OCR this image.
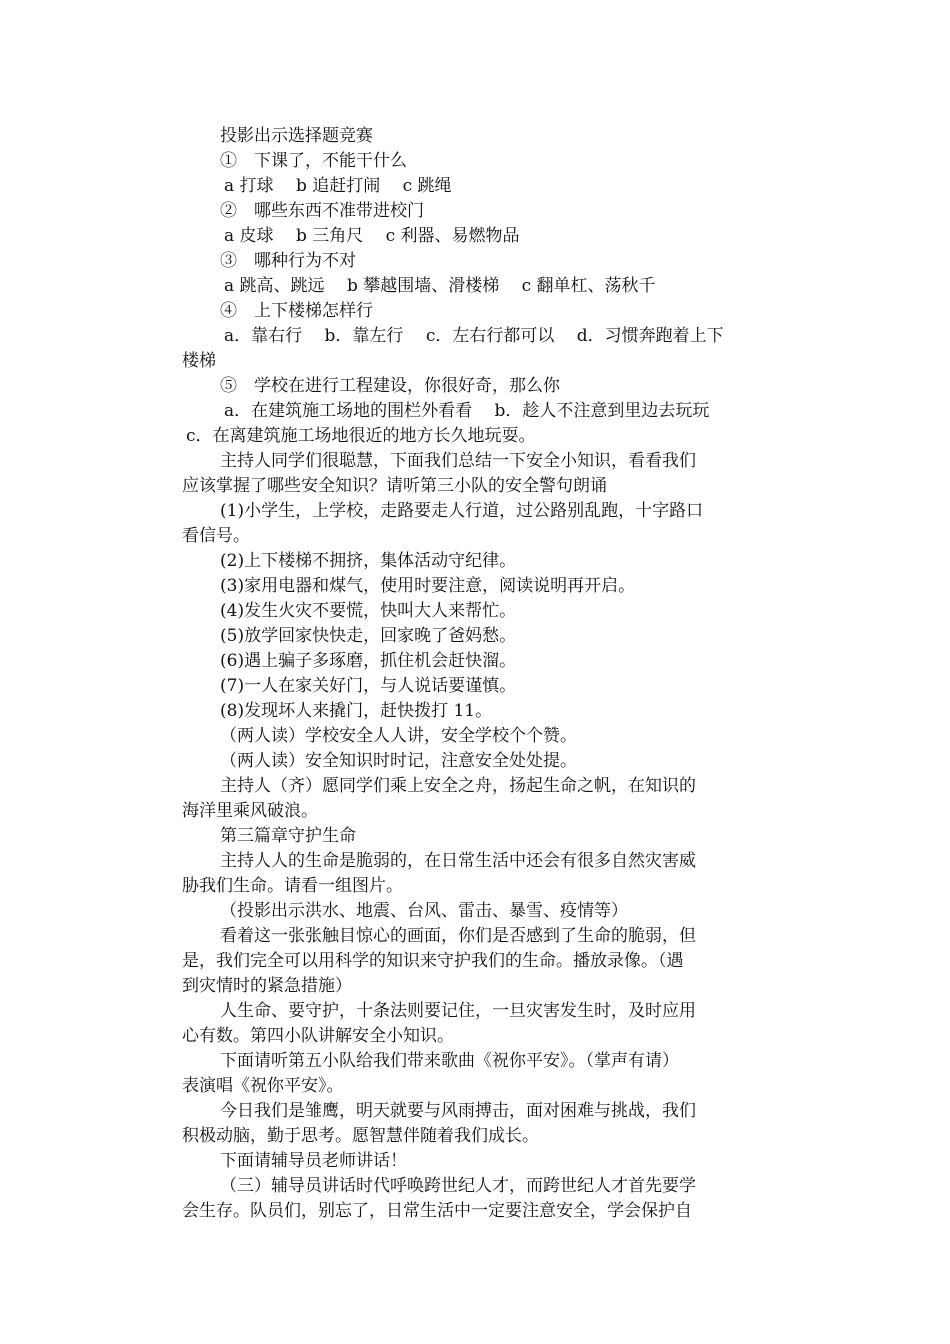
投影出示选择题竞赛
①　下课了，不能干什么
a 打球　 b 追赶打闹　 c 跳绳
②　哪些东西不准带进校门
a 皮球　 b 三角尺　 c 利器、易燃物品
③　哪种行为不对
a 跳高、跳远　 b 攀越围墙、滑楼梯　 c 翻单杠、荡秋千
④　上下楼梯怎样行
a．靠右行　 b．靠左行　 c．左右行都可以　 d．习惯奔跑着上下
楼梯
⑤　学校在进行工程建设，你很好奇，那么你
a．在建筑施工场地的围栏外看看　 b．趁人不注意到里边去玩玩
c．在离建筑施工场地很近的地方长久地玩耍。
主持人同学们很聪慧，下面我们总结一下安全小知识，看看我们
应该掌握了哪些安全知识？请听第三小队的安全警句朗诵
(1)小学生，上学校，走路要走人行道，过公路别乱跑，十字路口
看信号。
(2)上下楼梯不拥挤，集体活动守纪律。
(3)家用电器和煤气，使用时要注意，阅读说明再开启。
(4)发生火灾不要慌，快叫大人来帮忙。
(5)放学回家快快走，回家晚了爸妈愁。
(6)遇上骗子多琢磨，抓住机会赶快溜。
(7)一人在家关好门，与人说话要谨慎。
(8)发现坏人来撬门，赶快拨打 11。
（两人读）学校安全人人讲，安全学校个个赞。
（两人读）安全知识时时记，注意安全处处提。
主持人（齐）愿同学们乘上安全之舟，扬起生命之帆，在知识的
海洋里乘风破浪。
第三篇章守护生命
主持人人的生命是脆弱的，在日常生活中还会有很多自然灾害威
胁我们生命。请看一组图片。
（投影出示洪水、地震、台风、雷击、暴雪、疫情等）
看着这一张张触目惊心的画面，你们是否感到了生命的脆弱，但
是，我们完全可以用科学的知识来守护我们的生命。播放录像。（遇
到灾情时的紧急措施）
人生命、要守护，十条法则要记住，一旦灾害发生时，及时应用
心有数。第四小队讲解安全小知识。
下面请听第五小队给我们带来歌曲《祝你平安》。（掌声有请）
表演唱《祝你平安》。
今日我们是雏鹰，明天就要与风雨搏击，面对困难与挑战，我们
积极动脑，勤于思考。愿智慧伴随着我们成长。
下面请辅导员老师讲话！
（三）辅导员讲话时代呼唤跨世纪人才，而跨世纪人才首先要学
会生存。队员们，别忘了，日常生活中一定要注意安全，学会保护自
